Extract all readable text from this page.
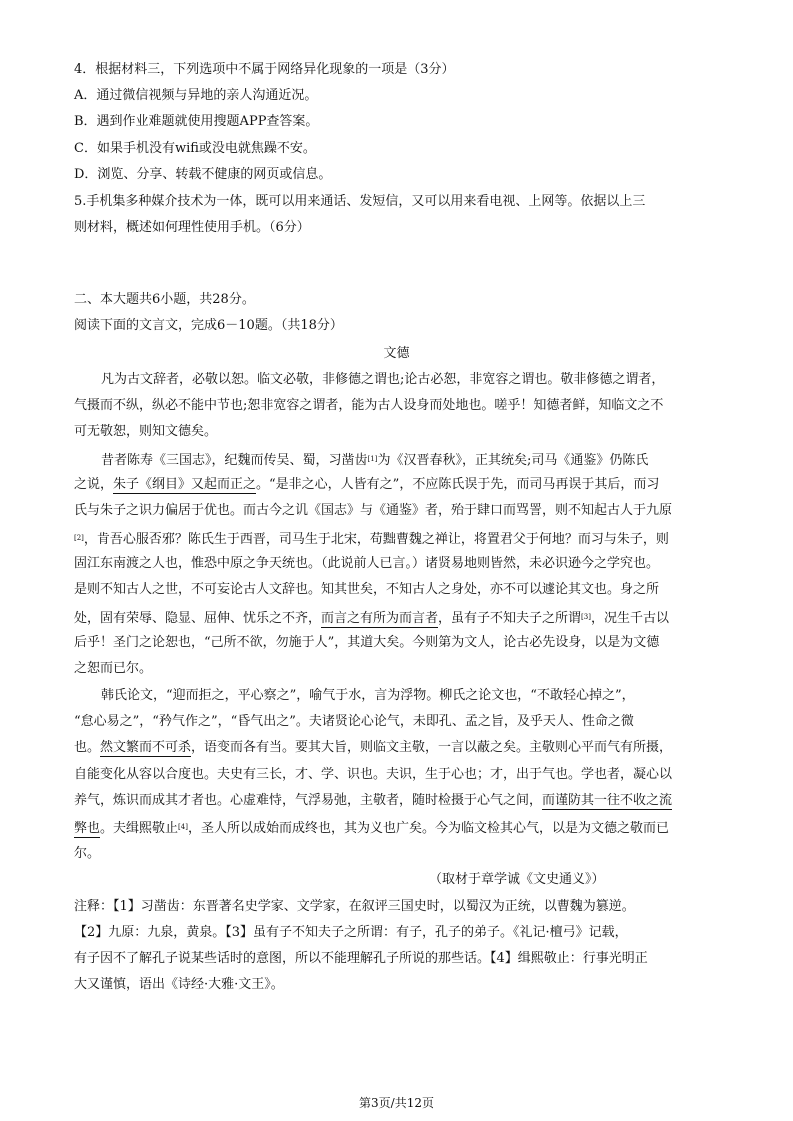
4．根据材料三，下列选项中不属于网络异化现象的一项是（3分）
A．通过微信视频与异地的亲人沟通近况。
B．遇到作业难题就使用搜题APP查答案。
C．如果手机没有wifi或没电就焦躁不安。
D．浏览、分享、转载不健康的网页或信息。
5.手机集多种媒介技术为一体，既可以用来通话、发短信，又可以用来看电视、上网等。依据以上三
则材料，概述如何理性使用手机。（6分）
二、本大题共6小题，共28分。
阅读下面的文言文，完成6－10题。（共18分）
文德
凡为古文辞者，必敬以恕。临文必敬，非修德之谓也;论古必恕，非宽容之谓也。敬非修德之谓者，
气摄而不纵，纵必不能中节也;恕非宽容之谓者，能为古人设身而处地也。嗟乎！知德者鲜，知临文之不
可无敬恕，则知文德矣。
昔者陈寿《三国志》，纪魏而传吴、蜀，习凿齿[1]为《汉晋春秋》，正其统矣;司马《通鉴》仍陈氏
之说，朱子《纲目》又起而正之。“是非之心，人皆有之”，不应陈氏误于先，而司马再误于其后，而习
氏与朱子之识力偏居于优也。而古今之讥《国志》与《通鉴》者，殆于肆口而骂詈，则不知起古人于九原
[2]，肯吾心服否邪？陈氏生于西晋，司马生于北宋，苟黜曹魏之禅让，将置君父于何地？而习与朱子，则
固江东南渡之人也，惟恐中原之争天统也。（此说前人已言。）诸贤易地则皆然，未必识逊今之学究也。
是则不知古人之世，不可妄论古人文辞也。知其世矣，不知古人之身处，亦不可以遽论其文也。身之所
处，固有荣辱、隐显、屈伸、忧乐之不齐，而言之有所为而言者，虽有子不知夫子之所谓[3]，况生千古以
后乎！圣门之论恕也，“己所不欲，勿施于人”，其道大矣。今则第为文人，论古必先设身，以是为文德
之恕而已尔。
韩氏论文，“迎而拒之，平心察之”，喻气于水，言为浮物。柳氏之论文也，“不敢轻心掉之”，
“怠心易之”，“矜气作之”，“昏气出之”。夫诸贤论心论气，未即孔、孟之旨，及乎天人、性命之微
也。然文繁而不可杀，语变而各有当。要其大旨，则临文主敬，一言以蔽之矣。主敬则心平而气有所摄，
自能变化从容以合度也。夫史有三长，才、学、识也。夫识，生于心也；才，出于气也。学也者，凝心以
养气，炼识而成其才者也。心虚难恃，气浮易弛，主敬者，随时检摄于心气之间，而谨防其一往不收之流
弊也。夫缉熙敬止[4]，圣人所以成始而成终也，其为义也广矣。今为临文检其心气，以是为文德之敬而已
尔。
（取材于章学诚《文史通义》）
注释：【1】习凿齿：东晋著名史学家、文学家，在叙评三国史时，以蜀汉为正统，以曹魏为篡逆。
【2】九原：九泉，黄泉。【3】虽有子不知夫子之所谓：有子，孔子的弟子。《礼记·檀弓》记载，
有子因不了解孔子说某些话时的意图，所以不能理解孔子所说的那些话。【4】缉熙敬止：行事光明正
大又谨慎，语出《诗经·大雅·文王》。
第3页/共12页
